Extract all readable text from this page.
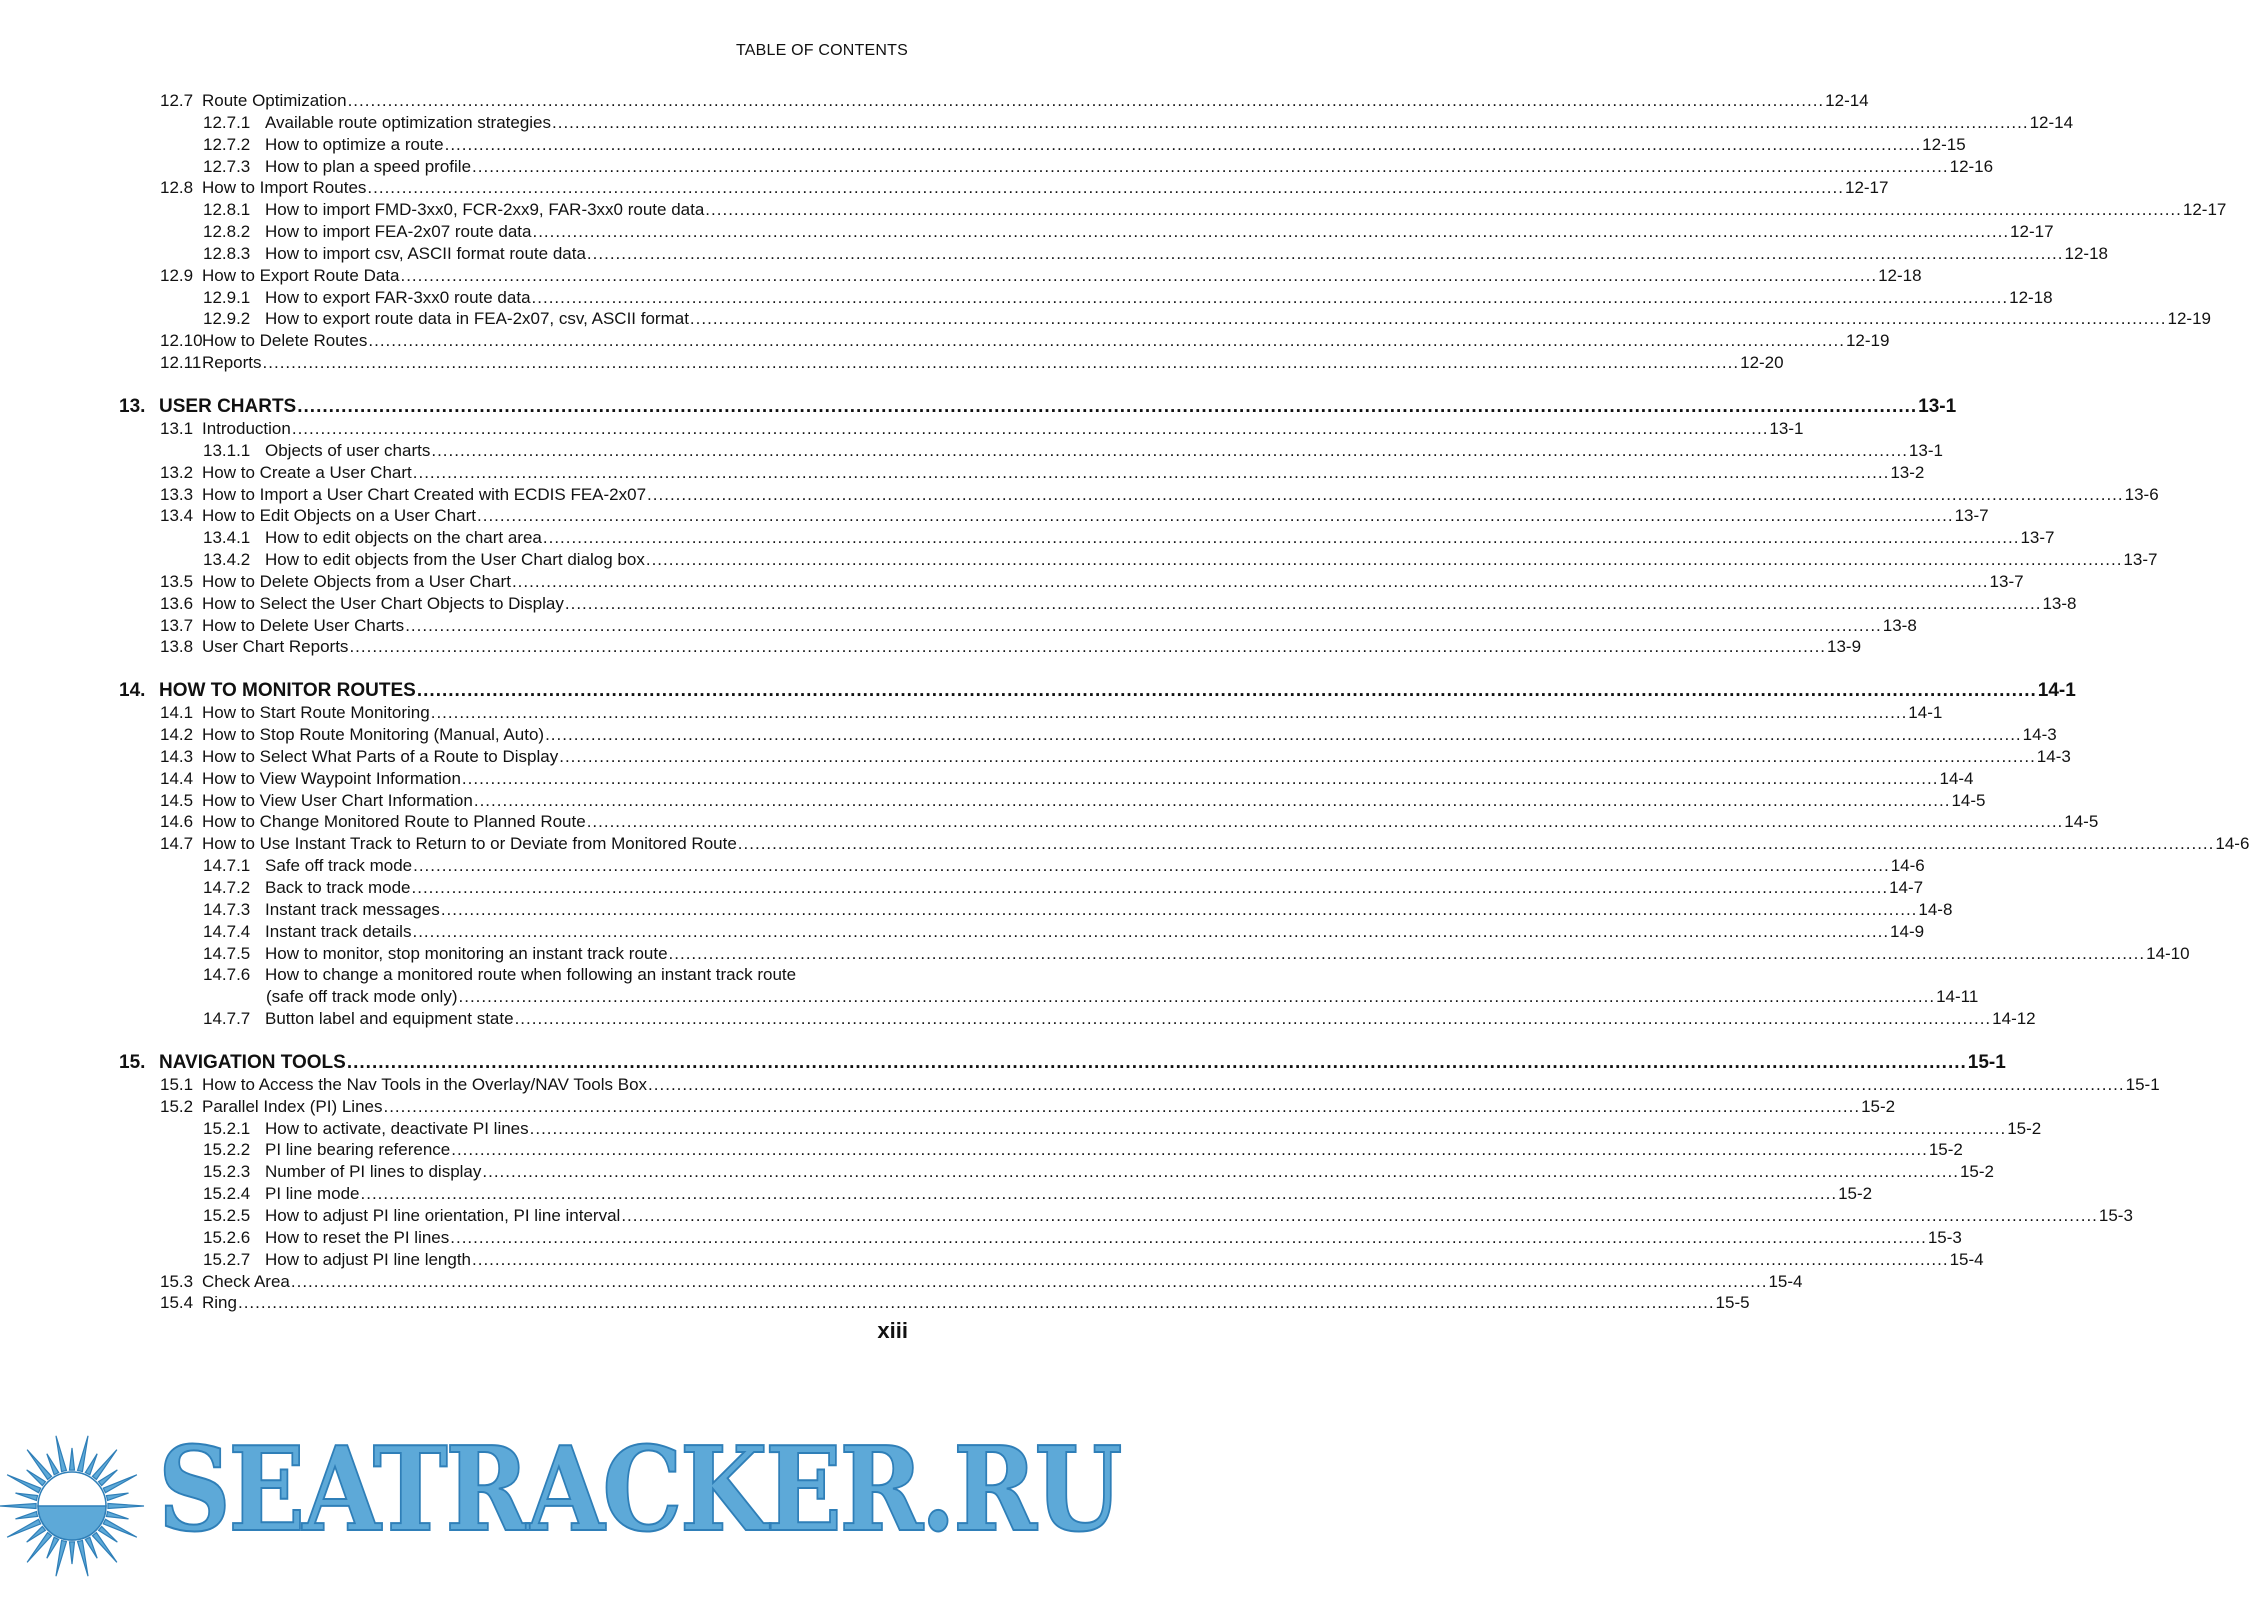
TABLE OF CONTENTS
12.7 Route Optimization .....	12-14
12.7.1 Available route optimization strategies .....	12-14
12.7.2 How to optimize a route .....	12-15
12.7.3 How to plan a speed profile .....	12-16
12.8 How to Import Routes .....	12-17
12.8.1 How to import FMD-3xx0, FCR-2xx9, FAR-3xx0 route data .....	12-17
12.8.2 How to import FEA-2x07 route data .....	12-17
12.8.3 How to import csv, ASCII format route data .....	12-18
12.9 How to Export Route Data .....	12-18
12.9.1 How to export FAR-3xx0 route data .....	12-18
12.9.2 How to export route data in FEA-2x07, csv, ASCII format .....	12-19
12.10 How to Delete Routes .....	12-19
12.11 Reports .....	12-20
13. USER CHARTS .....	13-1
13.1 Introduction .....	13-1
13.1.1 Objects of user charts .....	13-1
13.2 How to Create a User Chart .....	13-2
13.3 How to Import a User Chart Created with ECDIS FEA-2x07 .....	13-6
13.4 How to Edit Objects on a User Chart .....	13-7
13.4.1 How to edit objects on the chart area .....	13-7
13.4.2 How to edit objects from the User Chart dialog box .....	13-7
13.5 How to Delete Objects from a User Chart .....	13-7
13.6 How to Select the User Chart Objects to Display .....	13-8
13.7 How to Delete User Charts .....	13-8
13.8 User Chart Reports .....	13-9
14. HOW TO MONITOR ROUTES .....	14-1
14.1 How to Start Route Monitoring .....	14-1
14.2 How to Stop Route Monitoring (Manual, Auto) .....	14-3
14.3 How to Select What Parts of a Route to Display .....	14-3
14.4 How to View Waypoint Information .....	14-4
14.5 How to View User Chart Information .....	14-5
14.6 How to Change Monitored Route to Planned Route .....	14-5
14.7 How to Use Instant Track to Return to or Deviate from Monitored Route .....	14-6
14.7.1 Safe off track mode .....	14-6
14.7.2 Back to track mode .....	14-7
14.7.3 Instant track messages .....	14-8
14.7.4 Instant track details .....	14-9
14.7.5 How to monitor, stop monitoring an instant track route .....	14-10
14.7.6 How to change a monitored route when following an instant track route
(safe off track mode only) .....	14-11
14.7.7 Button label and equipment state .....	14-12
15. NAVIGATION TOOLS .....	15-1
15.1 How to Access the Nav Tools in the Overlay/NAV Tools Box .....	15-1
15.2 Parallel Index (PI) Lines .....	15-2
15.2.1 How to activate, deactivate PI lines .....	15-2
15.2.2 PI line bearing reference .....	15-2
15.2.3 Number of PI lines to display .....	15-2
15.2.4 PI line mode .....	15-2
15.2.5 How to adjust PI line orientation, PI line interval .....	15-3
15.2.6 How to reset the PI lines .....	15-3
15.2.7 How to adjust PI line length .....	15-4
15.3 Check Area .....	15-4
15.4 Ring .....	15-5
xiii
SEATRACKER.RU
